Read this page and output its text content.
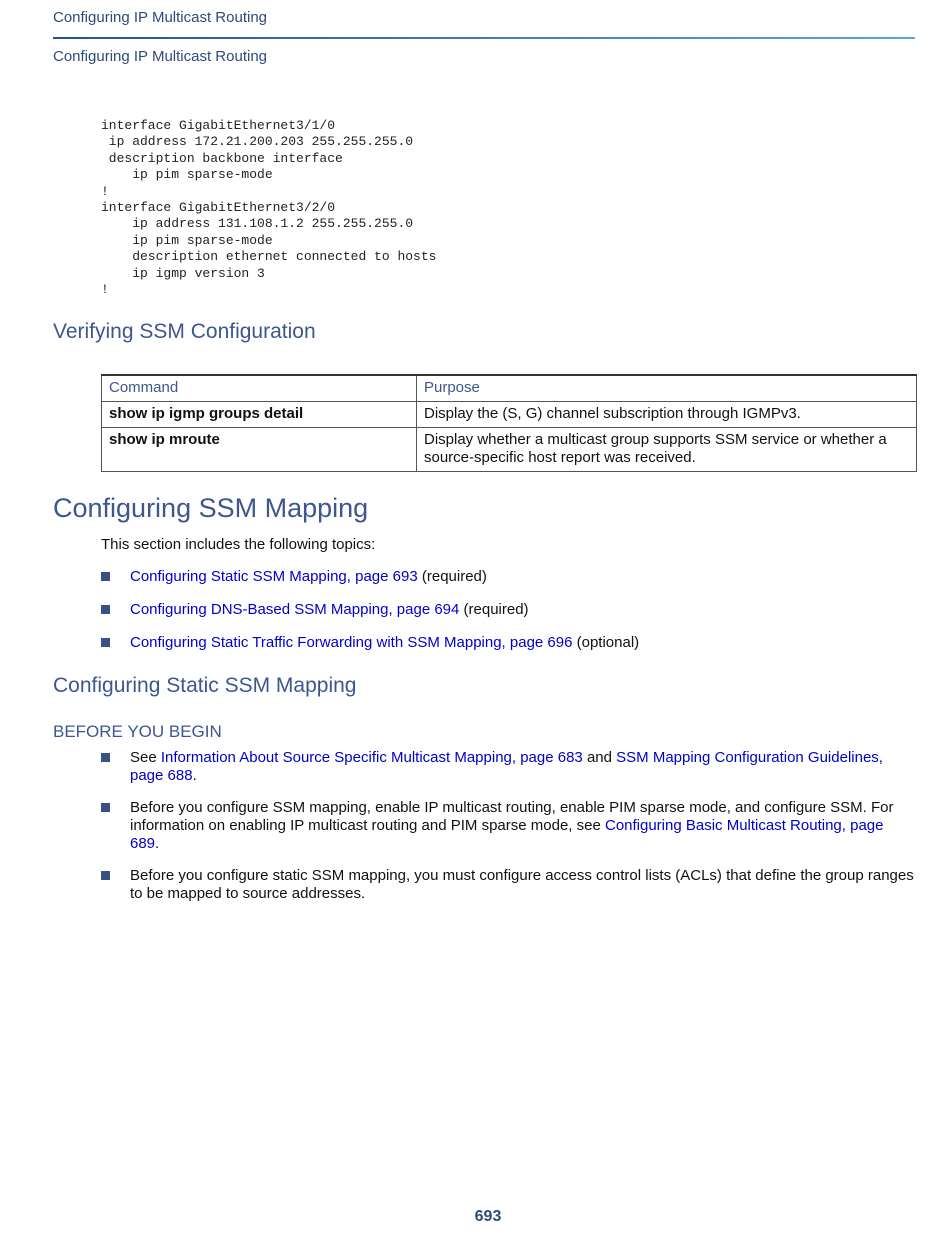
Configuring IP Multicast Routing
Configuring IP Multicast Routing
interface GigabitEthernet3/1/0
ip address 172.21.200.203 255.255.255.0
description backbone interface
ip pim sparse-mode
!
interface GigabitEthernet3/2/0
ip address 131.108.1.2 255.255.255.0
ip pim sparse-mode
description ethernet connected to hosts
ip igmp version 3
!
Verifying SSM Configuration
Command	Purpose
show ip igmp groups detail	Display the (S, G) channel subscription through IGMPv3.
show ip mroute	Display whether a multicast group supports SSM service or whether a source-specific host report was received.
Configuring SSM Mapping

This section includes the following topics:

Configuring Static SSM Mapping, page 693 (required)
Configuring DNS-Based SSM Mapping, page 694 (required)
Configuring Static Traffic Forwarding with SSM Mapping, page 696 (optional)
Configuring Static SSM Mapping
BEFORE YOU BEGIN
See Information About Source Specific Multicast Mapping, page 683 and SSM Mapping Configuration Guidelines, page 688.
Before you configure SSM mapping, enable IP multicast routing, enable PIM sparse mode, and configure SSM. For information on enabling IP multicast routing and PIM sparse mode, see Configuring Basic Multicast Routing, page 689.
Before you configure static SSM mapping, you must configure access control lists (ACLs) that define the group ranges to be mapped to source addresses.
693
